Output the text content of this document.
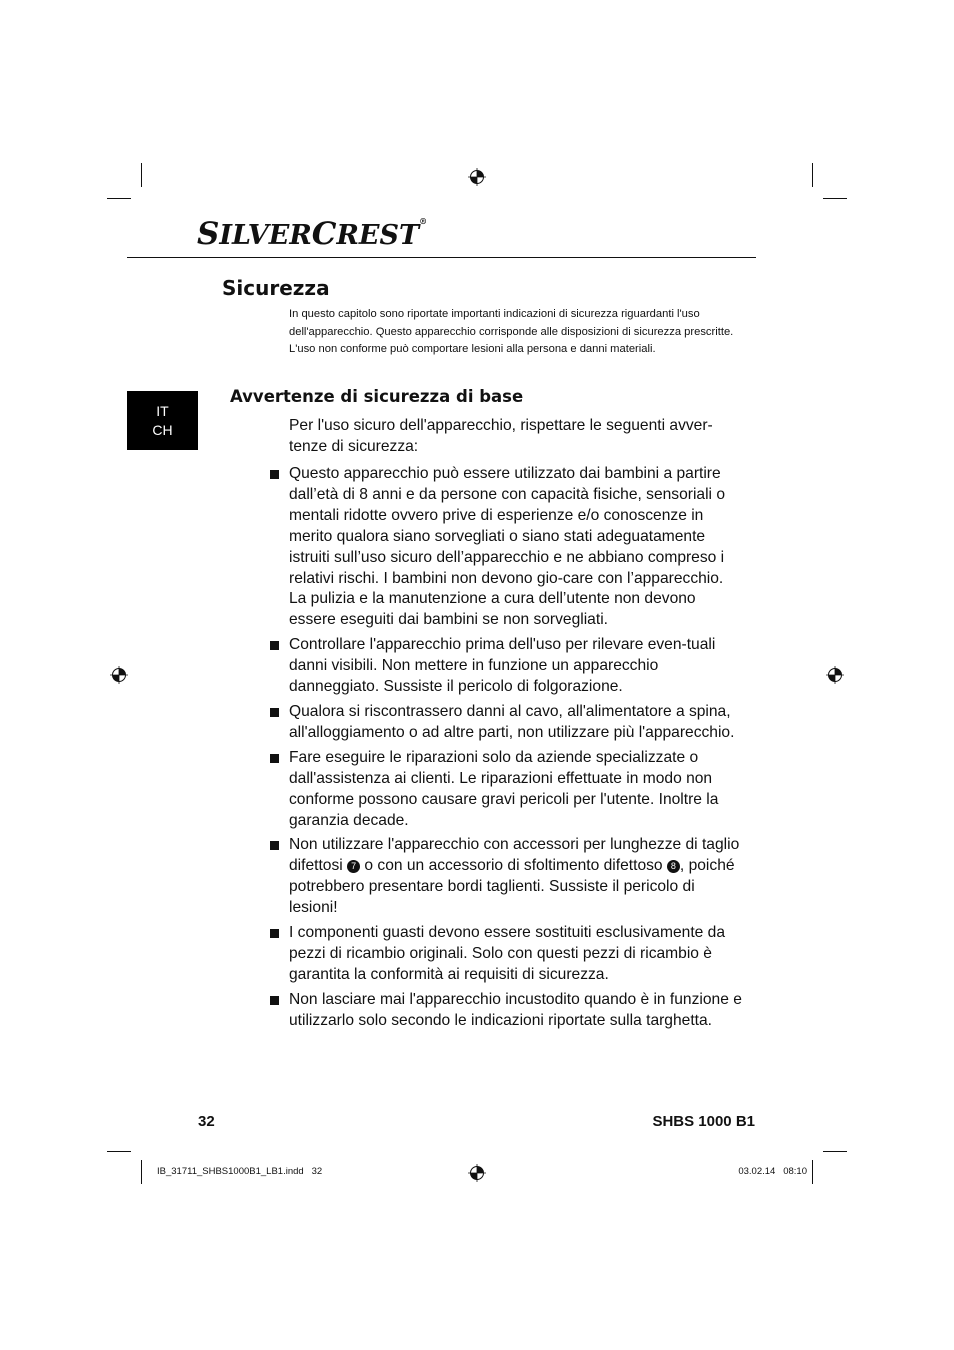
SILVERCREST®
Sicurezza

In questo capitolo sono riportate importanti indicazioni di sicurezza riguardanti l'uso dell'apparecchio. Questo apparecchio corrisponde alle disposizioni di sicurezza prescritte. L'uso non conforme può comportare lesioni alla persona e danni materiali.

IT
CH
Avvertenze di sicurezza di base

Per l'uso sicuro dell'apparecchio, rispettare le seguenti avver-tenze di sicurezza:

Questo apparecchio può essere utilizzato dai bambini a partire dall’età di 8 anni e da persone con capacità fisiche, sensoriali o mentali ridotte ovvero prive di esperienze e/o conoscenze in merito qualora siano sorvegliati o siano stati adeguatamente istruiti sull’uso sicuro dell’apparecchio e ne abbiano compreso i relativi rischi. I bambini non devono gio-care con l’apparecchio. La pulizia e la manutenzione a cura dell’utente non devono essere eseguiti dai bambini se non sorvegliati.
Controllare l'apparecchio prima dell'uso per rilevare even-tuali danni visibili. Non mettere in funzione un apparecchio danneggiato. Sussiste il pericolo di folgorazione.
Qualora si riscontrassero danni al cavo, all'alimentatore a spina, all'alloggiamento o ad altre parti, non utilizzare più l'apparecchio.
Fare eseguire le riparazioni solo da aziende specializzate o dall'assistenza ai clienti. Le riparazioni effettuate in modo non conforme possono causare gravi pericoli per l'utente. Inoltre la garanzia decade.
Non utilizzare l'apparecchio con accessori per lunghezze di taglio difettosi 7 o con un accessorio di sfoltimento difettoso 8 , poiché potrebbero presentare bordi taglienti. Sussiste il pericolo di lesioni!
I componenti guasti devono essere sostituiti esclusivamente da pezzi di ricambio originali. Solo con questi pezzi di ricambio è garantita la conformità ai requisiti di sicurezza.
Non lasciare mai l'apparecchio incustodito quando è in funzione e utilizzarlo solo secondo le indicazioni riportate sulla targhetta.
32	SHBS 1000 B1
IB_31711_SHBS1000B1_LB1.indd   32	03.02.14   08:10
